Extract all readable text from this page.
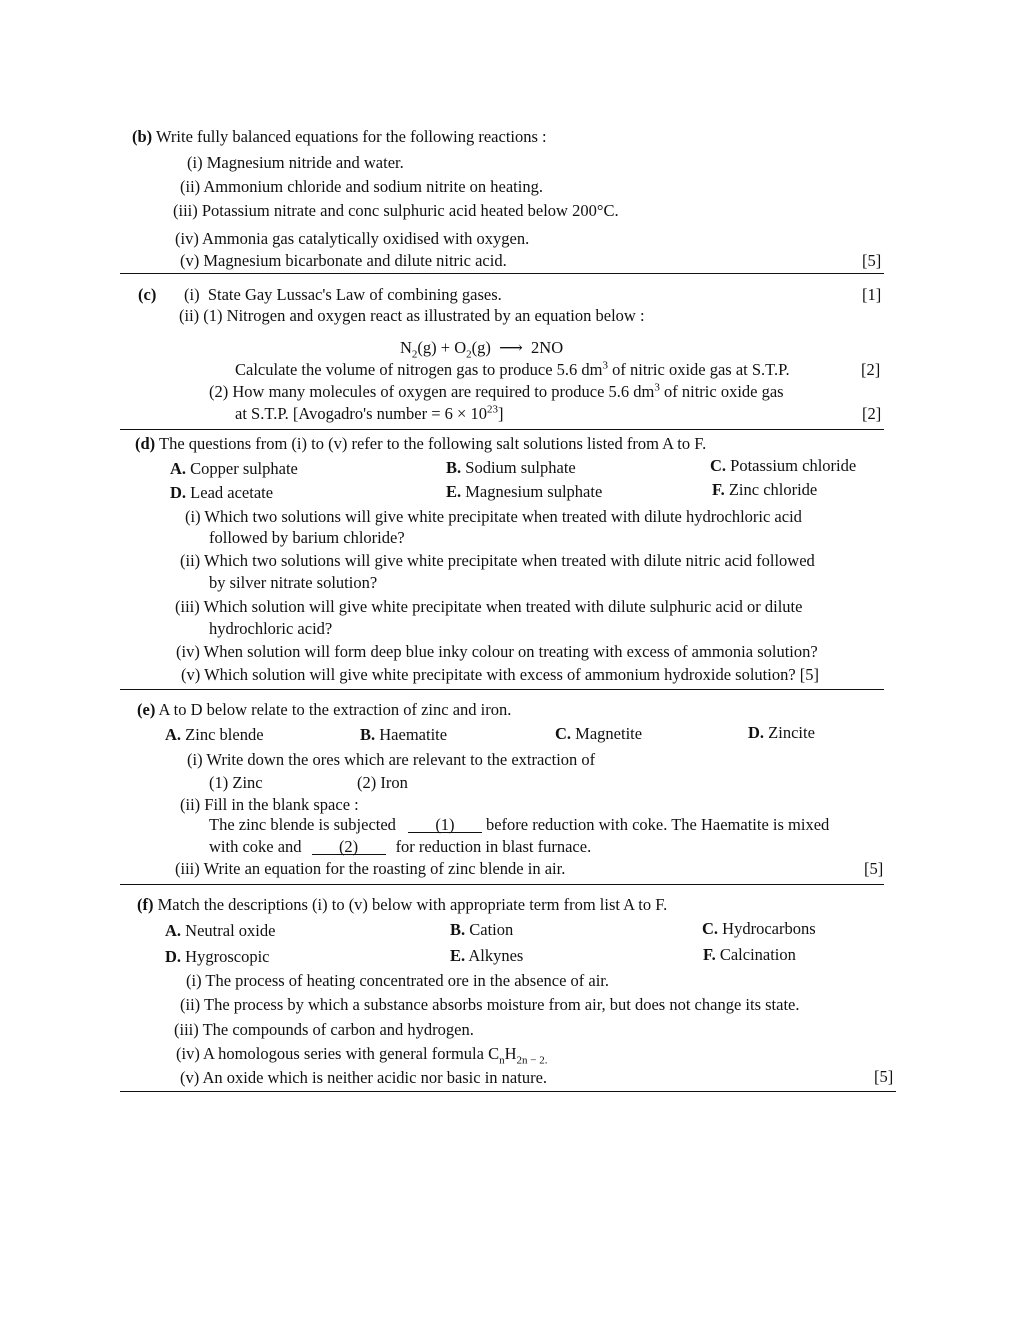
(b) Write fully balanced equations for the following reactions :
(i) Magnesium nitride and water.
(ii) Ammonium chloride and sodium nitrite on heating.
(iii) Potassium nitrate and conc sulphuric acid heated below 200°C.
(iv) Ammonia gas catalytically oxidised with oxygen.
(v) Magnesium bicarbonate and dilute nitric acid.	[5]
(c) (i) State Gay Lussac's Law of combining gases.	[1]
(ii) (1) Nitrogen and oxygen react as illustrated by an equation below :
$N_2(g) + O_2(g)$ ⟶ 2NO
Calculate the volume of nitrogen gas to produce 5.6 $dm^3$ of nitric oxide gas at S.T.P.	[2]
(2) How many molecules of oxygen are required to produce 5.6 $dm^3$ of nitric oxide gas
at S.T.P. [Avogadro's number = $6 \times 10^{23}$]	[2]
(d) The questions from (i) to (v) refer to the following salt solutions listed from A to F.
A. Copper sulphate	B. Sodium sulphate	C. Potassium chloride
D. Lead acetate	E. Magnesium sulphate	F. Zinc chloride
(i) Which two solutions will give white precipitate when treated with dilute hydrochloric acid
followed by barium chloride?
(ii) Which two solutions will give white precipitate when treated with dilute nitric acid followed
by silver nitrate solution?
(iii) Which solution will give white precipitate when treated with dilute sulphuric acid or dilute
hydrochloric acid?
(iv) When solution will form deep blue inky colour on treating with excess of ammonia solution?
(v) Which solution will give white precipitate with excess of ammonium hydroxide solution? [5]
(e) A to D below relate to the extraction of zinc and iron.
A. Zinc blende	B. Haematite	C. Magnetite	D. Zincite
(i) Write down the ores which are relevant to the extraction of
(1) Zinc	(2) Iron
(ii) Fill in the blank space :
The zinc blende is subjected (1) before reduction with coke. The Haematite is mixed
with coke and (2) for reduction in blast furnace.
(iii) Write an equation for the roasting of zinc blende in air.	[5]
(f) Match the descriptions (i) to (v) below with appropriate term from list A to F.
A. Neutral oxide	B. Cation	C. Hydrocarbons
D. Hygroscopic	E. Alkynes	F. Calcination
(i) The process of heating concentrated ore in the absence of air.
(ii) The process by which a substance absorbs moisture from air, but does not change its state.
(iii) The compounds of carbon and hydrogen.
(iv) A homologous series with general formula $C_nH_{2n - 2.}$
(v) An oxide which is neither acidic nor basic in nature.	[5]
